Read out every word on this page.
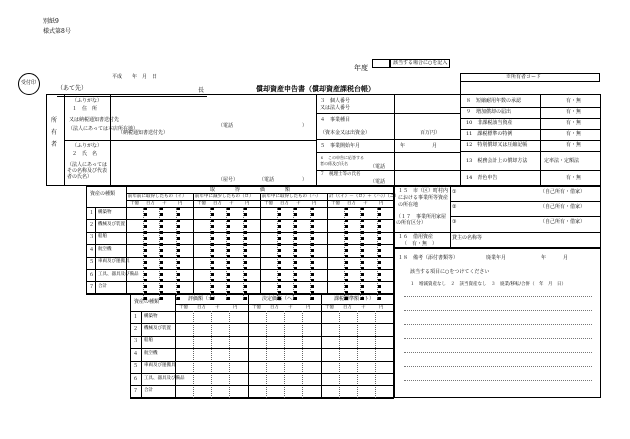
別紙9
様式第8号
該当する場合に○を記入
年度
償却資産申告書（償却資産課税台帳）
受付印
平成　　年　月　日
（あて先）	長
※所有者コード
所有者
（ふりがな）
１　住　所
又は納税通知書送付先
（法人にあっては本店所在地）
（納税通知書送付先）
（電話	）
（ふりがな）
２　氏　名
（法人にあってはその名称及び代表者の氏名）	（屋号）	（電話	）
３　個人番号又は法人番号
４　事業種目
（資本金又は出資金）	百万円）
５　事業開始年月	年	月
６　この申告に応答する者の係及び氏名
７　税理士等の氏名
（電話
（電話
８　 短縮耐用年数の承認	有・無
９　 増加償却の届出	有・無
10　 非課税該当資産	有・無
11　 課税標準の特例	有・無
12　 特別償却又は圧縮記帳	有・無
13　 税務会計上の償却方法	定率法・定額法
14　 青色申告	有・無
資産の種類
取　　　　得　　　　価　　　　額
前年前に取得したもの（イ） 前年中に減少したもの（ロ） 前年中に取得したもの（ハ） 計（（イ）－（ロ）＋（ハ））（ニ）
十億 百万 千	円	十億 百万 千	円	十億 百万 千	円	十億 百万 千	円
１ 構築物
２ 機械及び装置
３ 船舶
４ 航空機
５ 車両及び運搬具
６ 工具、器具及び備品
７ 合計
資産の種類	評価額（ホ）	決定価格（へ）	課税標準額（ト）
十億 百万 千	円	十億 百万 千	円	十億 百万 千	円
１ 構築物
２ 機械及び装置
３ 船舶
４ 航空機
５ 車両及び運搬具
６ 工具、器具及び備品
７ 合計
１５　市（区）町村内における事業所等資産の所在地
①	（自己所有・借家）
②	（自己所有・借家）
③	（自己所有・借家）
（１７　事業所用家屋の所有区分）
１６　借用資産
（　有・無　）
貸主の名称等
１８　備考（添付書類等）	廃業年月	年	月
該当する項目に○をつけてください
１　増減資産なし　２　該当資産なし　３　廃業/移転/合併（　年　月　日）
